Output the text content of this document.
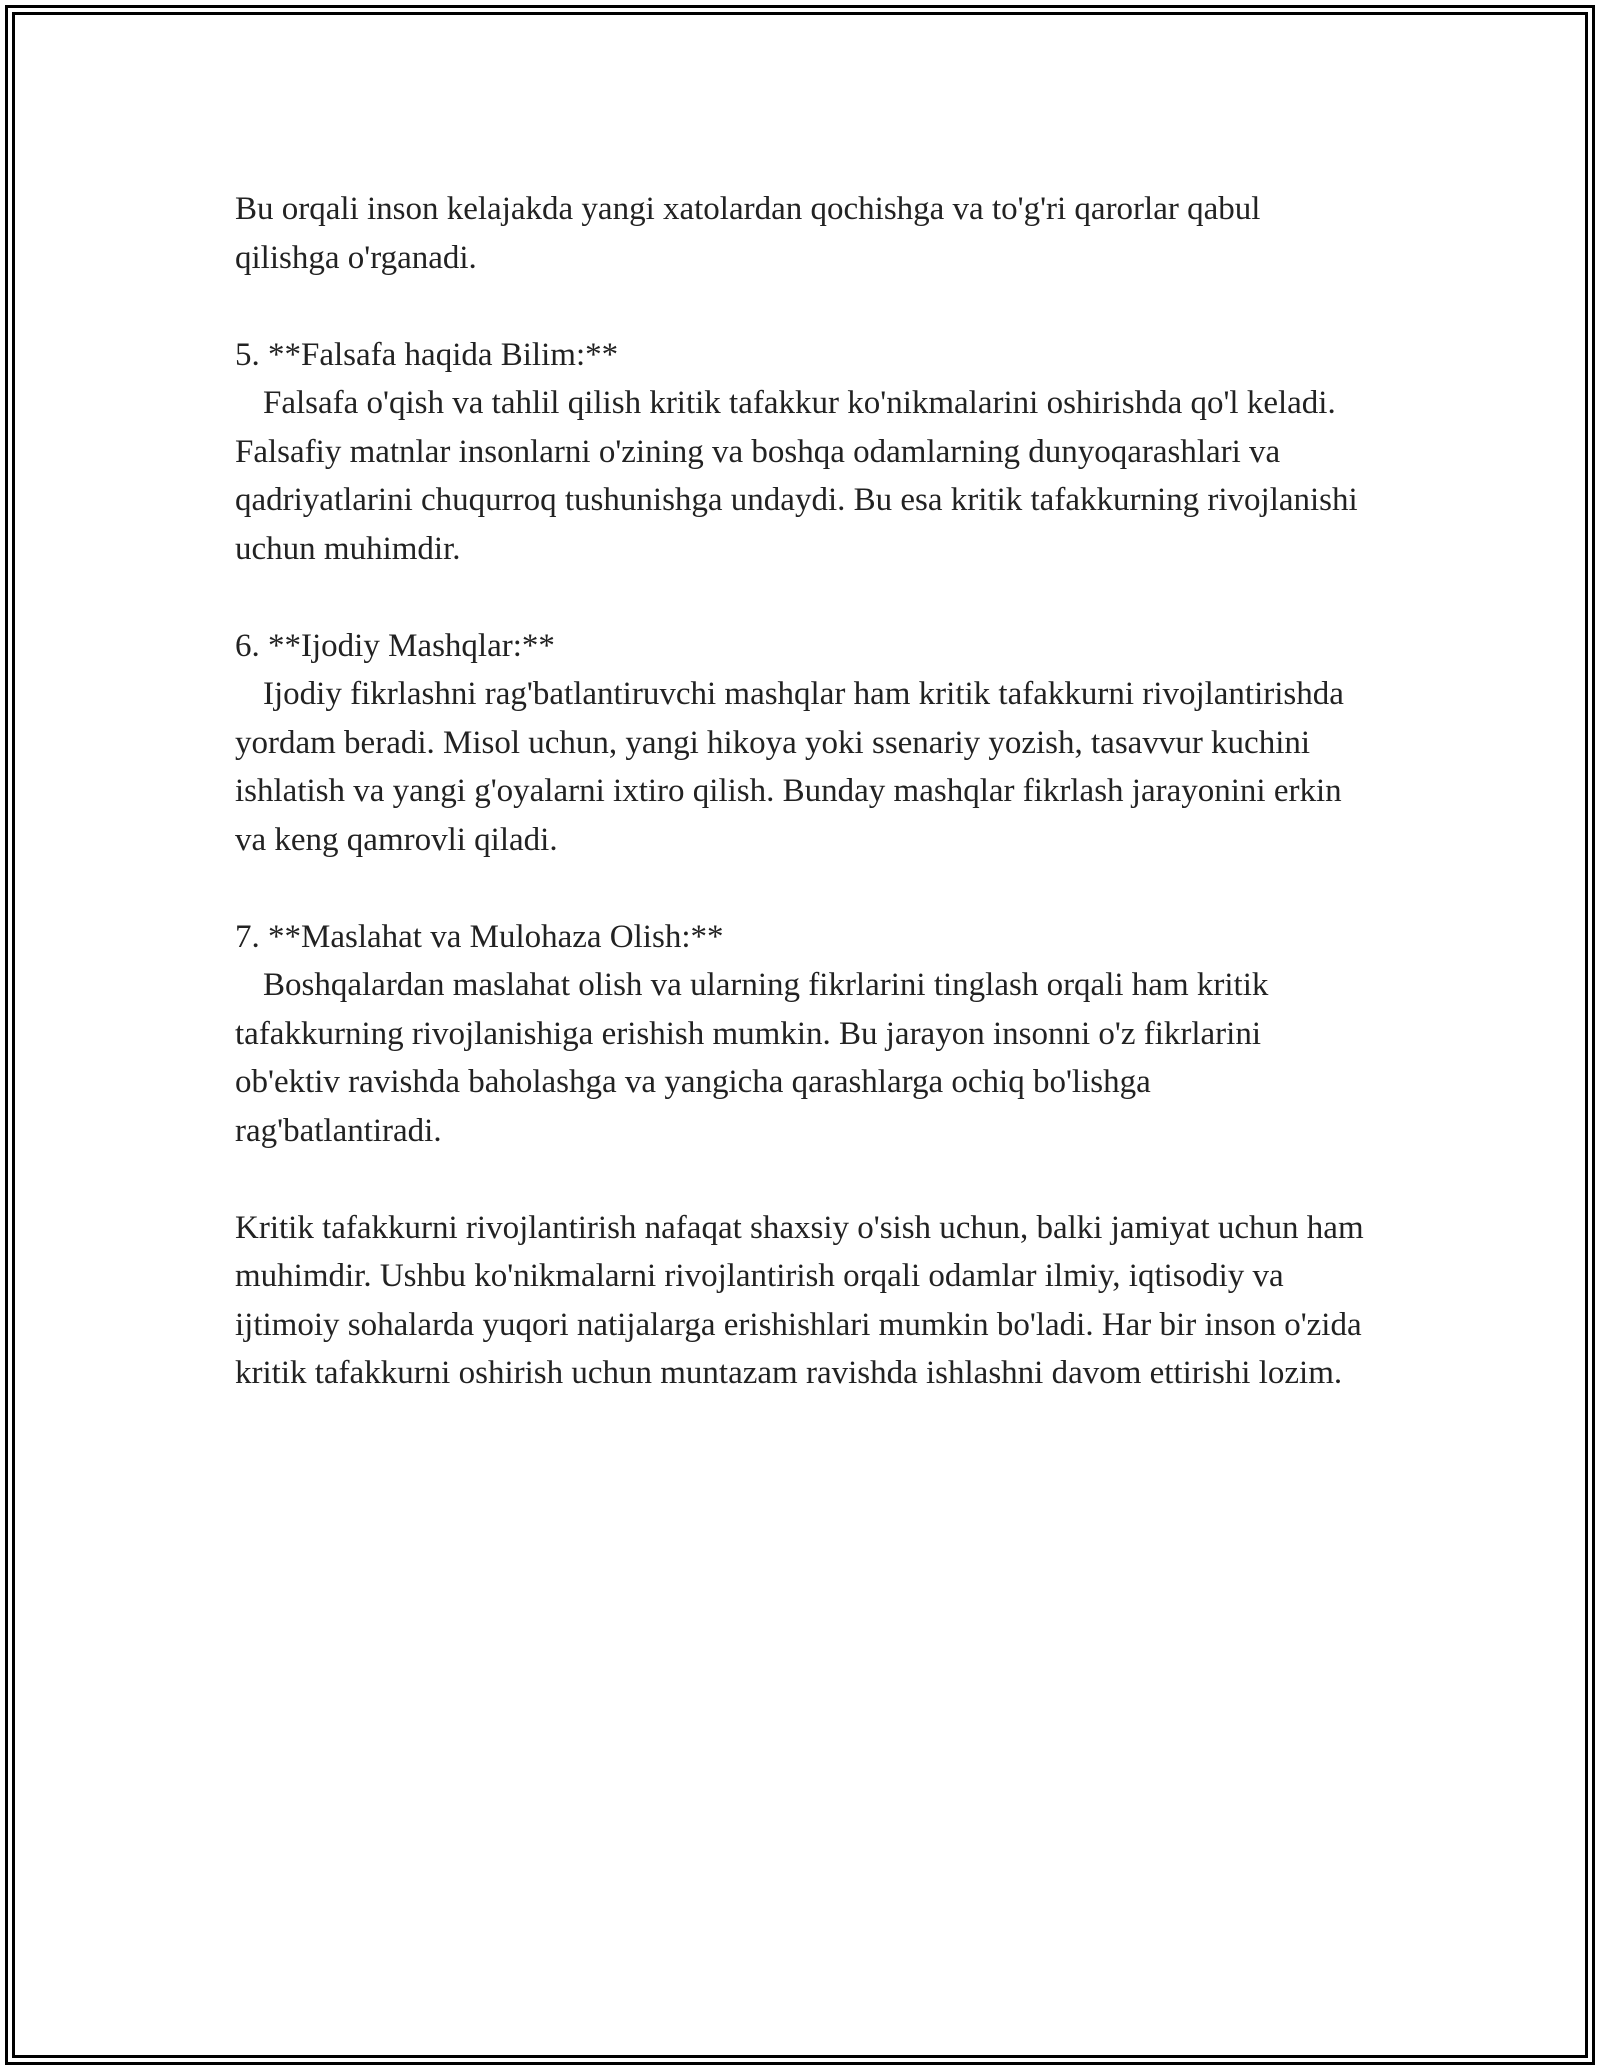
Bu orqali inson kelajakda yangi xatolardan qochishga va to'g'ri qarorlar qabul qilishga o'rganadi.

5. **Falsafa haqida Bilim:**
Falsafa o'qish va tahlil qilish kritik tafakkur ko'nikmalarini oshirishda qo'l keladi. Falsafiy matnlar insonlarni o'zining va boshqa odamlarning dunyoqarashlari va qadriyatlarini chuqurroq tushunishga undaydi. Bu esa kritik tafakkurning rivojlanishi uchun muhimdir.

6. **Ijodiy Mashqlar:**
Ijodiy fikrlashni rag'batlantiruvchi mashqlar ham kritik tafakkurni rivojlantirishda yordam beradi. Misol uchun, yangi hikoya yoki ssenariy yozish, tasavvur kuchini ishlatish va yangi g'oyalarni ixtiro qilish. Bunday mashqlar fikrlash jarayonini erkin va keng qamrovli qiladi.

7. **Maslahat va Mulohaza Olish:**
Boshqalardan maslahat olish va ularning fikrlarini tinglash orqali ham kritik tafakkurning rivojlanishiga erishish mumkin. Bu jarayon insonni o'z fikrlarini ob'ektiv ravishda baholashga va yangicha qarashlarga ochiq bo'lishga rag'batlantiradi.

Kritik tafakkurni rivojlantirish nafaqat shaxsiy o'sish uchun, balki jamiyat uchun ham muhimdir. Ushbu ko'nikmalarni rivojlantirish orqali odamlar ilmiy, iqtisodiy va ijtimoiy sohalarda yuqori natijalarga erishishlari mumkin bo'ladi. Har bir inson o'zida kritik tafakkurni oshirish uchun muntazam ravishda ishlashni davom ettirishi lozim.
